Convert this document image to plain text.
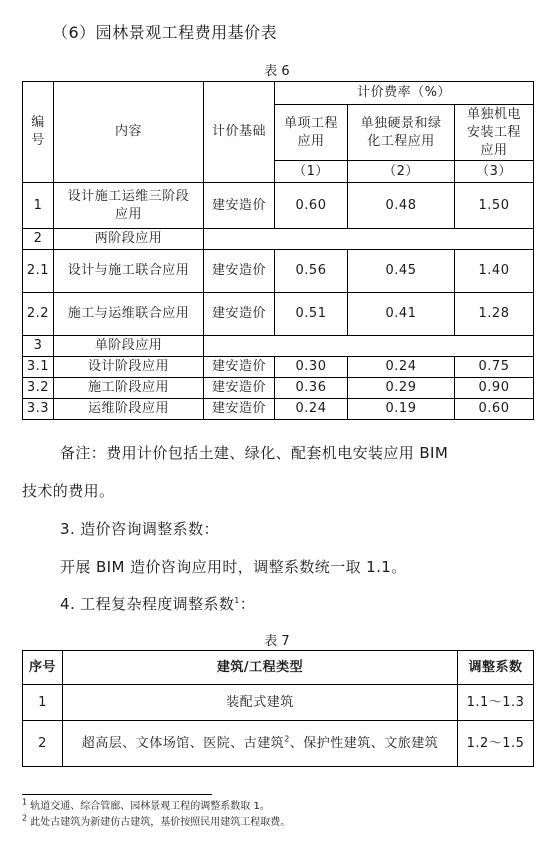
（6）园林景观工程费用基价表
表 6
编号	内容	计价基础	计价费率（%）		
			单项工程应用	单独硬景和绿化工程应用	单独机电安装工程应用
			（1）	（2）	（3）
1	设计施工运维三阶段应用	建安造价	0.60	0.48	1.50
2	两阶段应用				
2.1	设计与施工联合应用	建安造价	0.56	0.45	1.40
2.2	施工与运维联合应用	建安造价	0.51	0.41	1.28
3	单阶段应用				
3.1	设计阶段应用	建安造价	0.30	0.24	0.75
3.2	施工阶段应用	建安造价	0.36	0.29	0.90
3.3	运维阶段应用	建安造价	0.24	0.19	0.60
备注：费用计价包括土建、绿化、配套机电安装应用 BIM
技术的费用。
3. 造价咨询调整系数：
开展 BIM 造价咨询应用时，调整系数统一取 1.1。
4. 工程复杂程度调整系数$^1$：
表 7
序号	建筑/工程类型	调整系数
1	装配式建筑	1.1～1.3
2	超高层、文体场馆、医院、古建筑$^2$、保护性建筑、文旅建筑	1.2～1.5
$^1$ 轨道交通、综合管廊、园林景观工程的调整系数取 1。
$^2$ 此处古建筑为新建仿古建筑，基价按照民用建筑工程取费。
